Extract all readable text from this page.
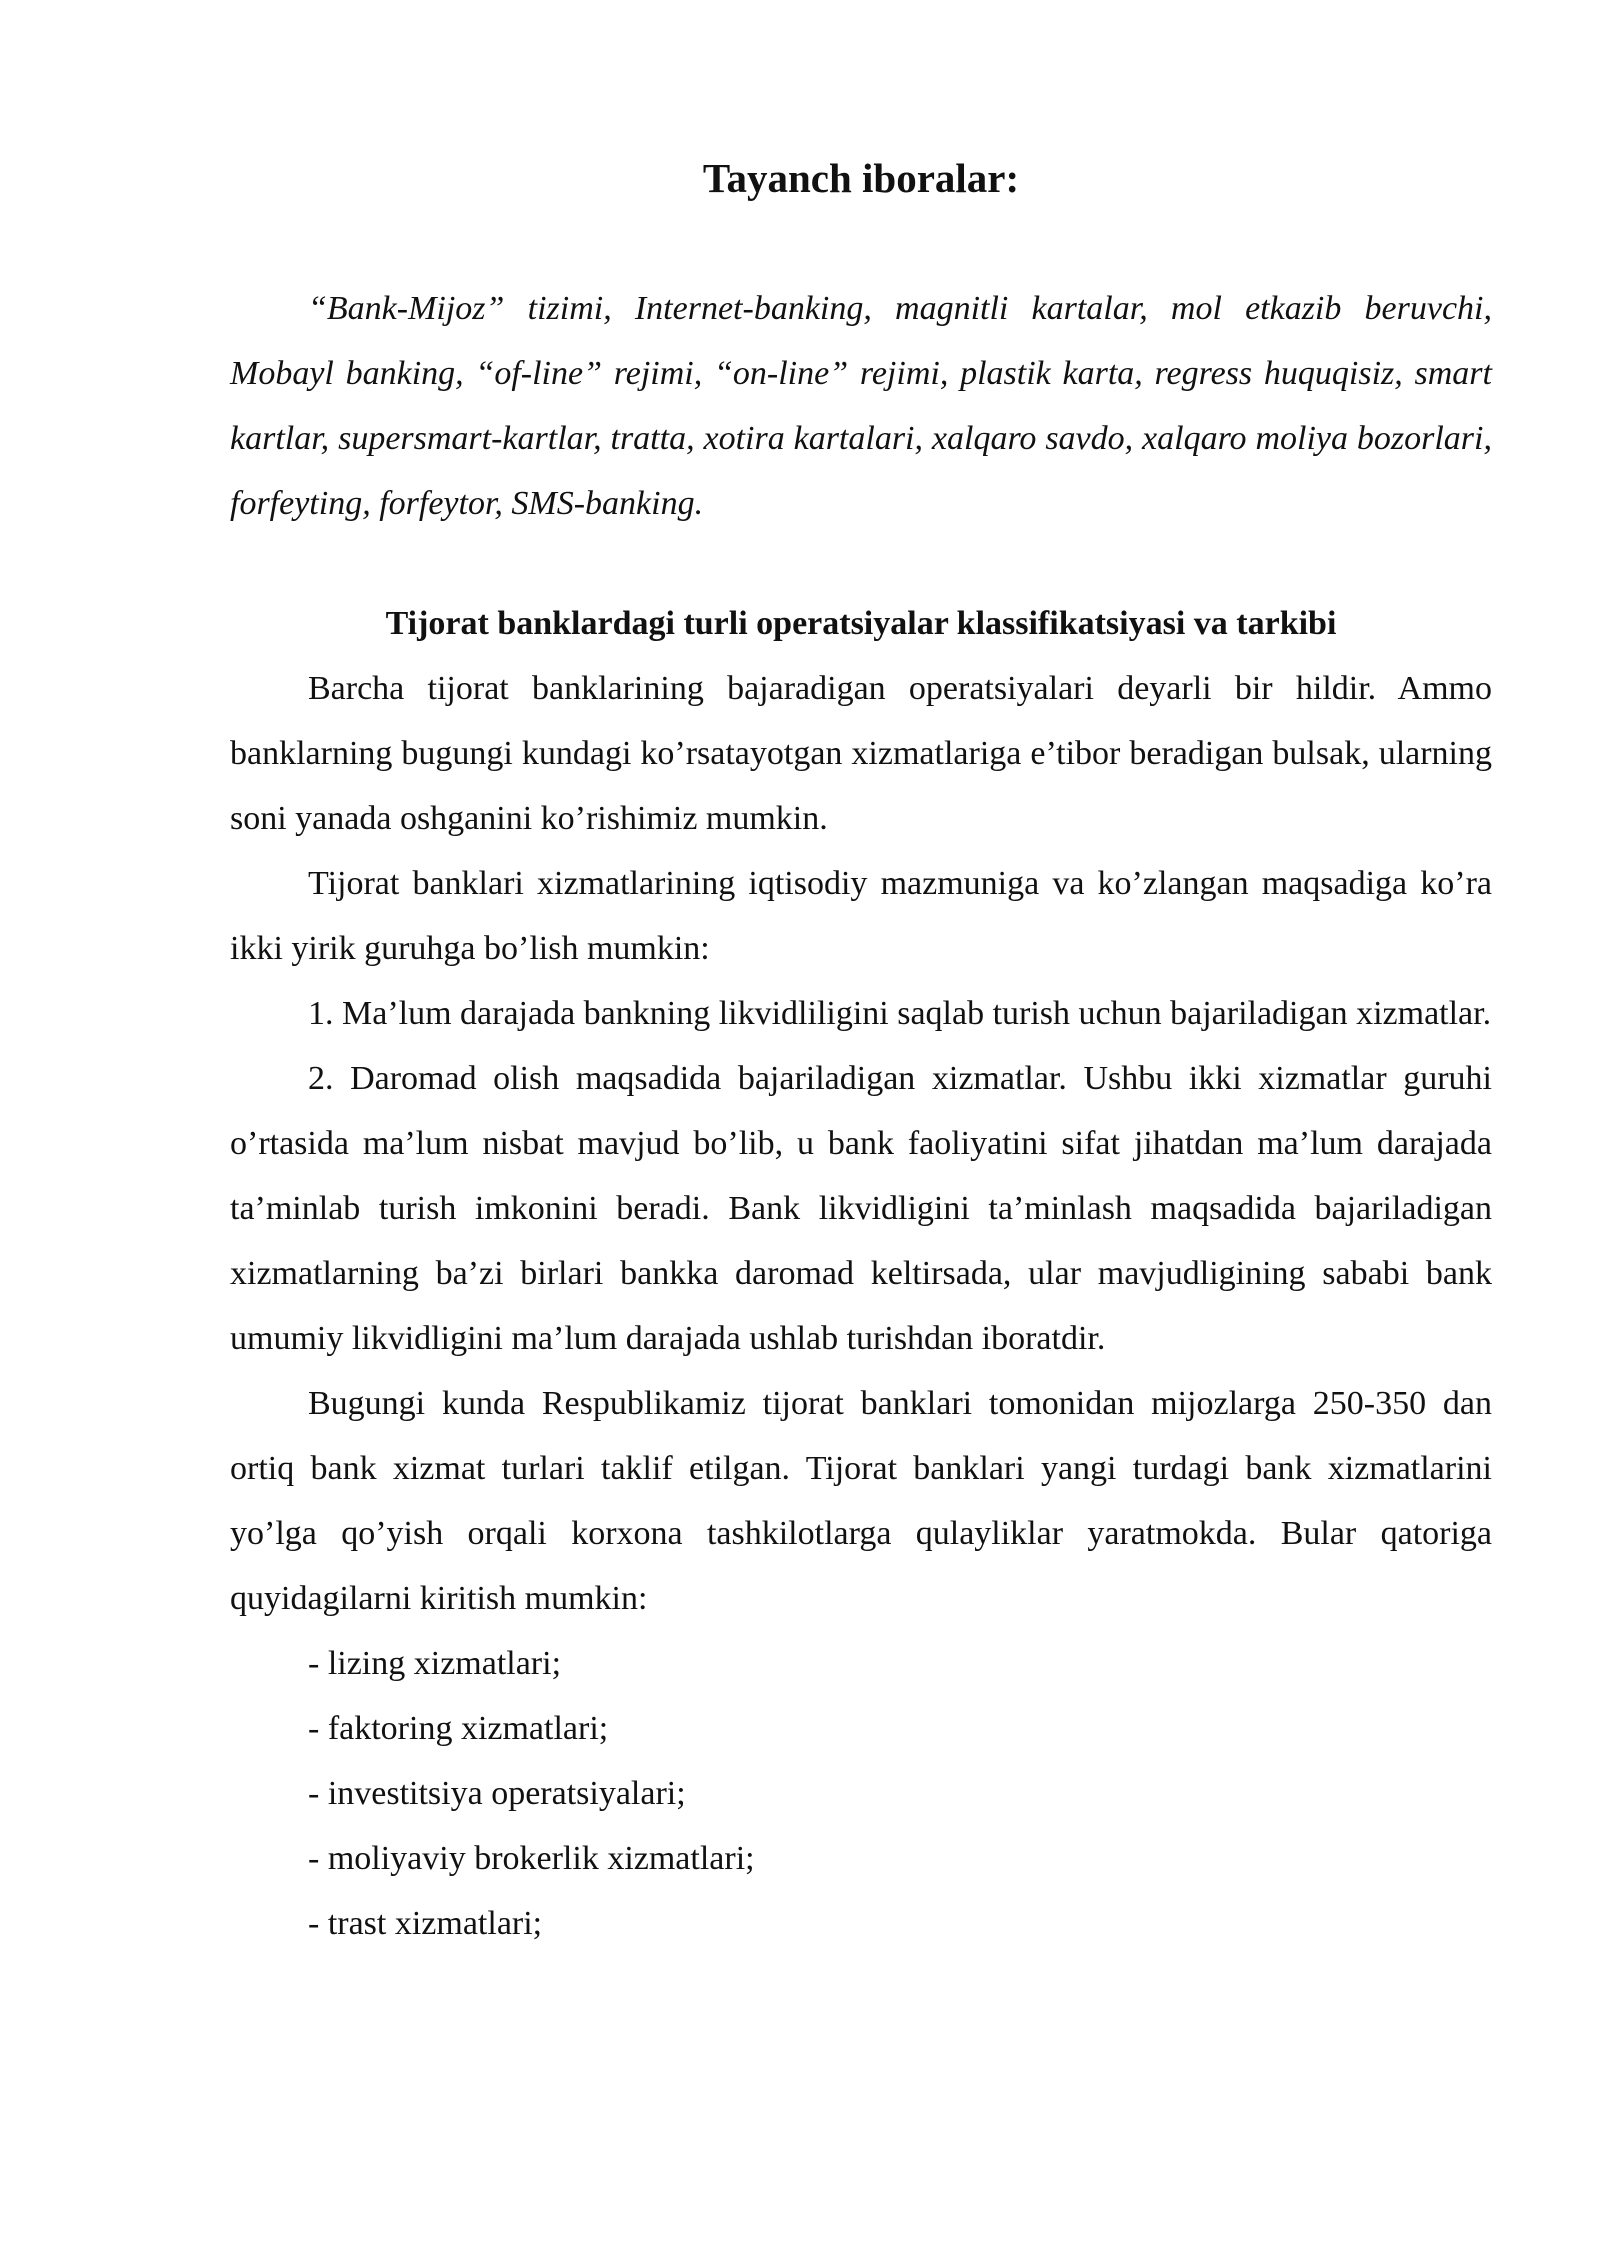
Tayanch iboralar:

“Bank-Mijoz” tizimi, Internet-banking, magnitli kartalar, mol etkazib beruvchi, Mobayl banking, “of-line” rejimi, “on-line” rejimi, plastik karta, regress huquqisiz, smart kartlar, supersmart-kartlar, tratta, xotira kartalari, xalqaro savdo, xalqaro moliya bozorlari, forfeyting, forfeytor, SMS-banking.

Tijorat banklardagi turli operatsiyalar klassifikatsiyasi va tarkibi

Barcha tijorat banklarining bajaradigan operatsiyalari deyarli bir hildir. Ammo banklarning bugungi kundagi ko’rsatayotgan xizmatlariga e’tibor beradigan bulsak, ularning soni yanada oshganini ko’rishimiz mumkin.

Tijorat banklari xizmatlarining iqtisodiy mazmuniga va ko’zlangan maqsadiga ko’ra ikki yirik guruhga bo’lish mumkin:

1. Ma’lum darajada bankning likvidliligini saqlab turish uchun bajariladigan xizmatlar.

2. Daromad olish maqsadida bajariladigan xizmatlar. Ushbu ikki xizmatlar guruhi o’rtasida ma’lum nisbat mavjud bo’lib, u bank faoliyatini sifat jihatdan ma’lum darajada ta’minlab turish imkonini beradi. Bank likvidligini ta’minlash maqsadida bajariladigan xizmatlarning ba’zi birlari bankka daromad keltirsada, ular mavjudligining sababi bank umumiy likvidligini ma’lum darajada ushlab turishdan iboratdir.

Bugungi kunda Respublikamiz tijorat banklari tomonidan mijozlarga 250-350 dan ortiq bank xizmat turlari taklif etilgan. Tijorat banklari yangi turdagi bank xizmatlarini yo’lga qo’yish orqali korxona tashkilotlarga qulayliklar yaratmokda. Bular qatoriga quyidagilarni kiritish mumkin:

- lizing xizmatlari;

- faktoring xizmatlari;

- investitsiya operatsiyalari;

- moliyaviy brokerlik xizmatlari;

- trast xizmatlari;
